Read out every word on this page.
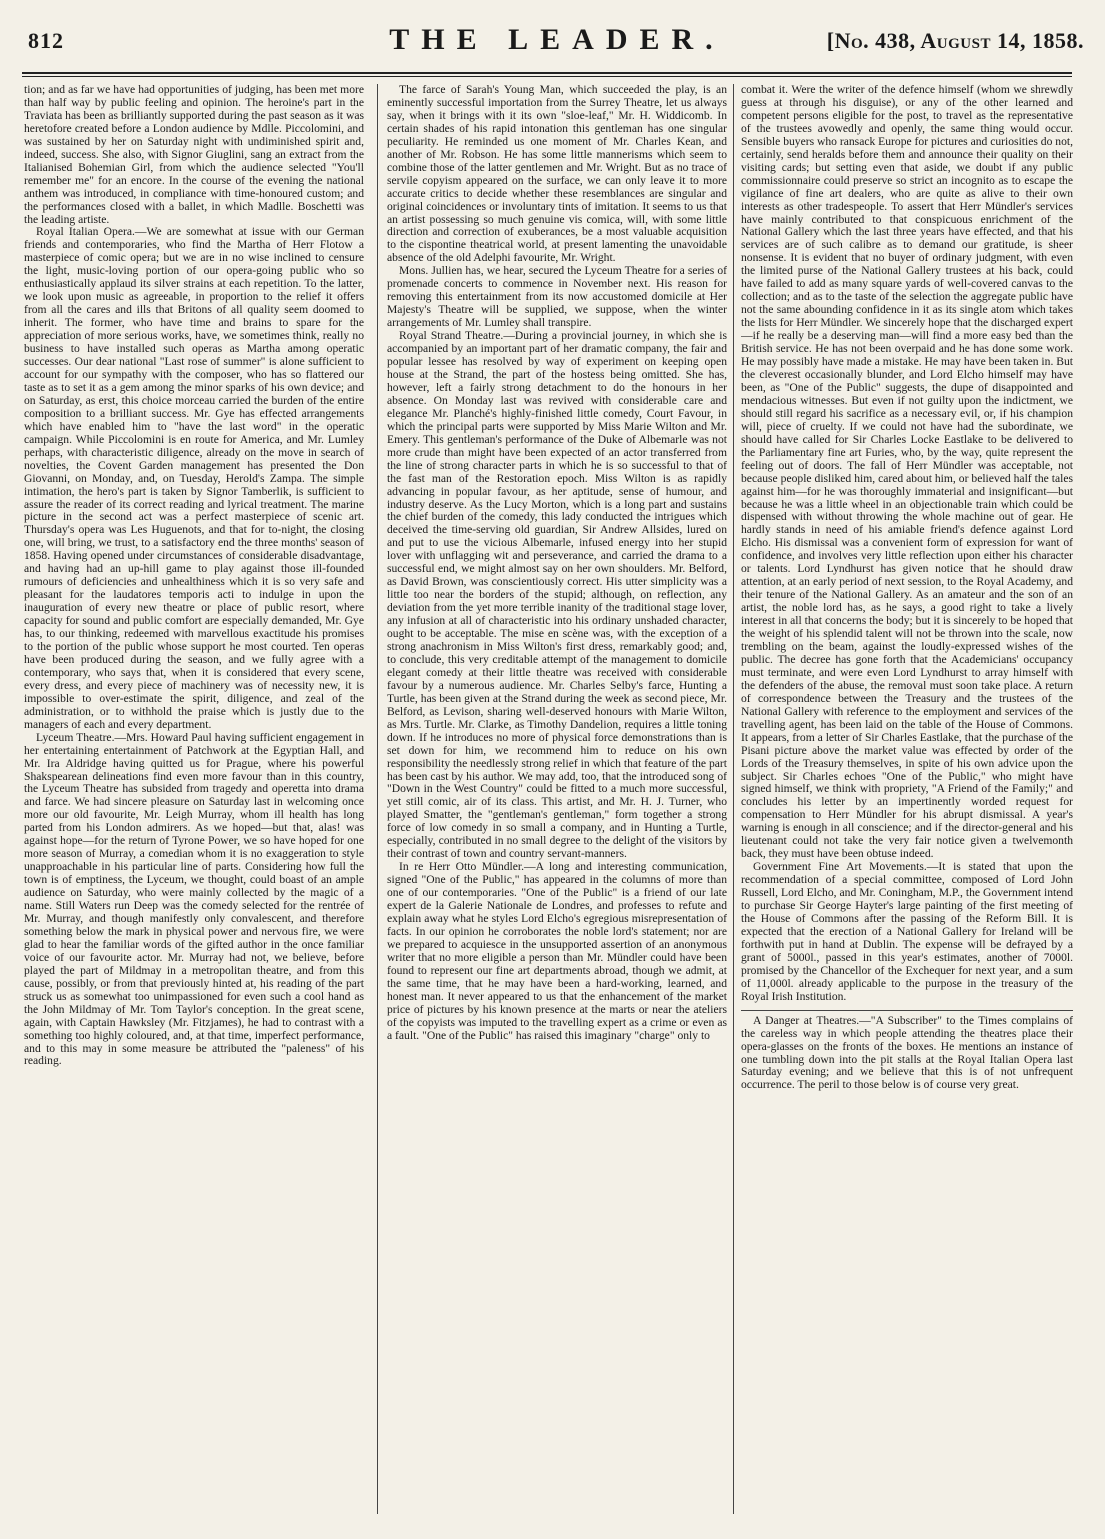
812	THE LEADER.	[No. 438, August 14, 1858.

tion; and as far we have had opportunities of judging, has been met more than half way by public feeling and opinion. The heroine's part in the Traviata has been as brilliantly supported during the past season as it was heretofore created before a London audience by Mdlle. Piccolomini, and was sustained by her on Saturday night with undiminished spirit and, indeed, success. She also, with Signor Giuglini, sang an extract from the Italianised Bohemian Girl, from which the audience selected "You'll remember me" for an encore. In the course of the evening the national anthem was introduced, in compliance with time-honoured custom; and the performances closed with a ballet, in which Madlle. Boschetti was the leading artiste.

Royal Italian Opera.—We are somewhat at issue with our German friends and contemporaries, who find the Martha of Herr Flotow a masterpiece of comic opera; but we are in no wise inclined to censure the light, music-loving portion of our opera-going public who so enthusiastically applaud its silver strains at each repetition. To the latter, we look upon music as agreeable, in proportion to the relief it offers from all the cares and ills that Britons of all quality seem doomed to inherit. The former, who have time and brains to spare for the appreciation of more serious works, have, we sometimes think, really no business to have installed such operas as Martha among operatic successes. Our dear national "Last rose of summer" is alone sufficient to account for our sympathy with the composer, who has so flattered our taste as to set it as a gem among the minor sparks of his own device; and on Saturday, as erst, this choice morceau carried the burden of the entire composition to a brilliant success. Mr. Gye has effected arrangements which have enabled him to "have the last word" in the operatic campaign. While Piccolomini is en route for America, and Mr. Lumley perhaps, with characteristic diligence, already on the move in search of novelties, the Covent Garden management has presented the Don Giovanni, on Monday, and, on Tuesday, Herold's Zampa. The simple intimation, the hero's part is taken by Signor Tamberlik, is sufficient to assure the reader of its correct reading and lyrical treatment. The marine picture in the second act was a perfect masterpiece of scenic art. Thursday's opera was Les Huguenots, and that for to-night, the closing one, will bring, we trust, to a satisfactory end the three months' season of 1858. Having opened under circumstances of considerable disadvantage, and having had an up-hill game to play against those ill-founded rumours of deficiencies and unhealthiness which it is so very safe and pleasant for the laudatores temporis acti to indulge in upon the inauguration of every new theatre or place of public resort, where capacity for sound and public comfort are especially demanded, Mr. Gye has, to our thinking, redeemed with marvellous exactitude his promises to the portion of the public whose support he most courted. Ten operas have been produced during the season, and we fully agree with a contemporary, who says that, when it is considered that every scene, every dress, and every piece of machinery was of necessity new, it is impossible to over-estimate the spirit, diligence, and zeal of the administration, or to withhold the praise which is justly due to the managers of each and every department.

Lyceum Theatre.—Mrs. Howard Paul having sufficient engagement in her entertaining entertainment of Patchwork at the Egyptian Hall, and Mr. Ira Aldridge having quitted us for Prague, where his powerful Shakspearean delineations find even more favour than in this country, the Lyceum Theatre has subsided from tragedy and operetta into drama and farce. We had sincere pleasure on Saturday last in welcoming once more our old favourite, Mr. Leigh Murray, whom ill health has long parted from his London admirers. As we hoped—but that, alas! was against hope—for the return of Tyrone Power, we so have hoped for one more season of Murray, a comedian whom it is no exaggeration to style unapproachable in his particular line of parts. Considering how full the town is of emptiness, the Lyceum, we thought, could boast of an ample audience on Saturday, who were mainly collected by the magic of a name. Still Waters run Deep was the comedy selected for the rentrée of Mr. Murray, and though manifestly only convalescent, and therefore something below the mark in physical power and nervous fire, we were glad to hear the familiar words of the gifted author in the once familiar voice of our favourite actor. Mr. Murray had not, we believe, before played the part of Mildmay in a metropolitan theatre, and from this cause, possibly, or from that previously hinted at, his reading of the part struck us as somewhat too unimpassioned for even such a cool hand as the John Mildmay of Mr. Tom Taylor's conception. In the great scene, again, with Captain Hawksley (Mr. Fitzjames), he had to contrast with a something too highly coloured, and, at that time, imperfect performance, and to this may in some measure be attributed the "paleness" of his reading.

The farce of Sarah's Young Man, which succeeded the play, is an eminently successful importation from the Surrey Theatre, let us always say, when it brings with it its own "sloe-leaf," Mr. H. Widdicomb. In certain shades of his rapid intonation this gentleman has one singular peculiarity. He reminded us one moment of Mr. Charles Kean, and another of Mr. Robson. He has some little mannerisms which seem to combine those of the latter gentlemen and Mr. Wright. But as no trace of servile copyism appeared on the surface, we can only leave it to more accurate critics to decide whether these resemblances are singular and original coincidences or involuntary tints of imitation. It seems to us that an artist possessing so much genuine vis comica, will, with some little direction and correction of exuberances, be a most valuable acquisition to the cispontine theatrical world, at present lamenting the unavoidable absence of the old Adelphi favourite, Mr. Wright.

Mons. Jullien has, we hear, secured the Lyceum Theatre for a series of promenade concerts to commence in November next. His reason for removing this entertainment from its now accustomed domicile at Her Majesty's Theatre will be supplied, we suppose, when the winter arrangements of Mr. Lumley shall transpire.

Royal Strand Theatre.—During a provincial journey, in which she is accompanied by an important part of her dramatic company, the fair and popular lessee has resolved by way of experiment on keeping open house at the Strand, the part of the hostess being omitted. She has, however, left a fairly strong detachment to do the honours in her absence. On Monday last was revived with considerable care and elegance Mr. Planché's highly-finished little comedy, Court Favour, in which the principal parts were supported by Miss Marie Wilton and Mr. Emery. This gentleman's performance of the Duke of Albemarle was not more crude than might have been expected of an actor transferred from the line of strong character parts in which he is so successful to that of the fast man of the Restoration epoch. Miss Wilton is as rapidly advancing in popular favour, as her aptitude, sense of humour, and industry deserve. As the Lucy Morton, which is a long part and sustains the chief burden of the comedy, this lady conducted the intrigues which deceived the time-serving old guardian, Sir Andrew Allsides, lured on and put to use the vicious Albemarle, infused energy into her stupid lover with unflagging wit and perseverance, and carried the drama to a successful end, we might almost say on her own shoulders. Mr. Belford, as David Brown, was conscientiously correct. His utter simplicity was a little too near the borders of the stupid; although, on reflection, any deviation from the yet more terrible inanity of the traditional stage lover, any infusion at all of characteristic into his ordinary unshaded character, ought to be acceptable. The mise en scène was, with the exception of a strong anachronism in Miss Wilton's first dress, remarkably good; and, to conclude, this very creditable attempt of the management to domicile elegant comedy at their little theatre was received with considerable favour by a numerous audience. Mr. Charles Selby's farce, Hunting a Turtle, has been given at the Strand during the week as second piece, Mr. Belford, as Levison, sharing well-deserved honours with Marie Wilton, as Mrs. Turtle. Mr. Clarke, as Timothy Dandelion, requires a little toning down. If he introduces no more of physical force demonstrations than is set down for him, we recommend him to reduce on his own responsibility the needlessly strong relief in which that feature of the part has been cast by his author. We may add, too, that the introduced song of "Down in the West Country" could be fitted to a much more successful, yet still comic, air of its class. This artist, and Mr. H. J. Turner, who played Smatter, the "gentleman's gentleman," form together a strong force of low comedy in so small a company, and in Hunting a Turtle, especially, contributed in no small degree to the delight of the visitors by their contrast of town and country servant-manners.

In re Herr Otto Mündler.—A long and interesting communication, signed "One of the Public," has appeared in the columns of more than one of our contemporaries. "One of the Public" is a friend of our late expert de la Galerie Nationale de Londres, and professes to refute and explain away what he styles Lord Elcho's egregious misrepresentation of facts. In our opinion he corroborates the noble lord's statement; nor are we prepared to acquiesce in the unsupported assertion of an anonymous writer that no more eligible a person than Mr. Mündler could have been found to represent our fine art departments abroad, though we admit, at the same time, that he may have been a hard-working, learned, and honest man. It never appeared to us that the enhancement of the market price of pictures by his known presence at the marts or near the ateliers of the copyists was imputed to the travelling expert as a crime or even as a fault. "One of the Public" has raised this imaginary "charge" only to

combat it. Were the writer of the defence himself (whom we shrewdly guess at through his disguise), or any of the other learned and competent persons eligible for the post, to travel as the representative of the trustees avowedly and openly, the same thing would occur. Sensible buyers who ransack Europe for pictures and curiosities do not, certainly, send heralds before them and announce their quality on their visiting cards; but setting even that aside, we doubt if any public commissionnaire could preserve so strict an incognito as to escape the vigilance of fine art dealers, who are quite as alive to their own interests as other tradespeople. To assert that Herr Mündler's services have mainly contributed to that conspicuous enrichment of the National Gallery which the last three years have effected, and that his services are of such calibre as to demand our gratitude, is sheer nonsense. It is evident that no buyer of ordinary judgment, with even the limited purse of the National Gallery trustees at his back, could have failed to add as many square yards of well-covered canvas to the collection; and as to the taste of the selection the aggregate public have not the same abounding confidence in it as its single atom which takes the lists for Herr Mündler. We sincerely hope that the discharged expert—if he really be a deserving man—will find a more easy bed than the British service. He has not been overpaid and he has done some work. He may possibly have made a mistake. He may have been taken in. But the cleverest occasionally blunder, and Lord Elcho himself may have been, as "One of the Public" suggests, the dupe of disappointed and mendacious witnesses. But even if not guilty upon the indictment, we should still regard his sacrifice as a necessary evil, or, if his champion will, piece of cruelty. If we could not have had the subordinate, we should have called for Sir Charles Locke Eastlake to be delivered to the Parliamentary fine art Furies, who, by the way, quite represent the feeling out of doors. The fall of Herr Mündler was acceptable, not because people disliked him, cared about him, or believed half the tales against him—for he was thoroughly immaterial and insignificant—but because he was a little wheel in an objectionable train which could be dispensed with without throwing the whole machine out of gear. He hardly stands in need of his amiable friend's defence against Lord Elcho. His dismissal was a convenient form of expression for want of confidence, and involves very little reflection upon either his character or talents. Lord Lyndhurst has given notice that he should draw attention, at an early period of next session, to the Royal Academy, and their tenure of the National Gallery. As an amateur and the son of an artist, the noble lord has, as he says, a good right to take a lively interest in all that concerns the body; but it is sincerely to be hoped that the weight of his splendid talent will not be thrown into the scale, now trembling on the beam, against the loudly-expressed wishes of the public. The decree has gone forth that the Academicians' occupancy must terminate, and were even Lord Lyndhurst to array himself with the defenders of the abuse, the removal must soon take place. A return of correspondence between the Treasury and the trustees of the National Gallery with reference to the employment and services of the travelling agent, has been laid on the table of the House of Commons. It appears, from a letter of Sir Charles Eastlake, that the purchase of the Pisani picture above the market value was effected by order of the Lords of the Treasury themselves, in spite of his own advice upon the subject. Sir Charles echoes "One of the Public," who might have signed himself, we think with propriety, "A Friend of the Family;" and concludes his letter by an impertinently worded request for compensation to Herr Mündler for his abrupt dismissal. A year's warning is enough in all conscience; and if the director-general and his lieutenant could not take the very fair notice given a twelvemonth back, they must have been obtuse indeed.

Government Fine Art Movements.—It is stated that upon the recommendation of a special committee, composed of Lord John Russell, Lord Elcho, and Mr. Coningham, M.P., the Government intend to purchase Sir George Hayter's large painting of the first meeting of the House of Commons after the passing of the Reform Bill. It is expected that the erection of a National Gallery for Ireland will be forthwith put in hand at Dublin. The expense will be defrayed by a grant of 5000l., passed in this year's estimates, another of 7000l. promised by the Chancellor of the Exchequer for next year, and a sum of 11,000l. already applicable to the purpose in the treasury of the Royal Irish Institution.

A Danger at Theatres.—"A Subscriber" to the Times complains of the careless way in which people attending the theatres place their opera-glasses on the fronts of the boxes. He mentions an instance of one tumbling down into the pit stalls at the Royal Italian Opera last Saturday evening; and we believe that this is of not unfrequent occurrence. The peril to those below is of course very great.
